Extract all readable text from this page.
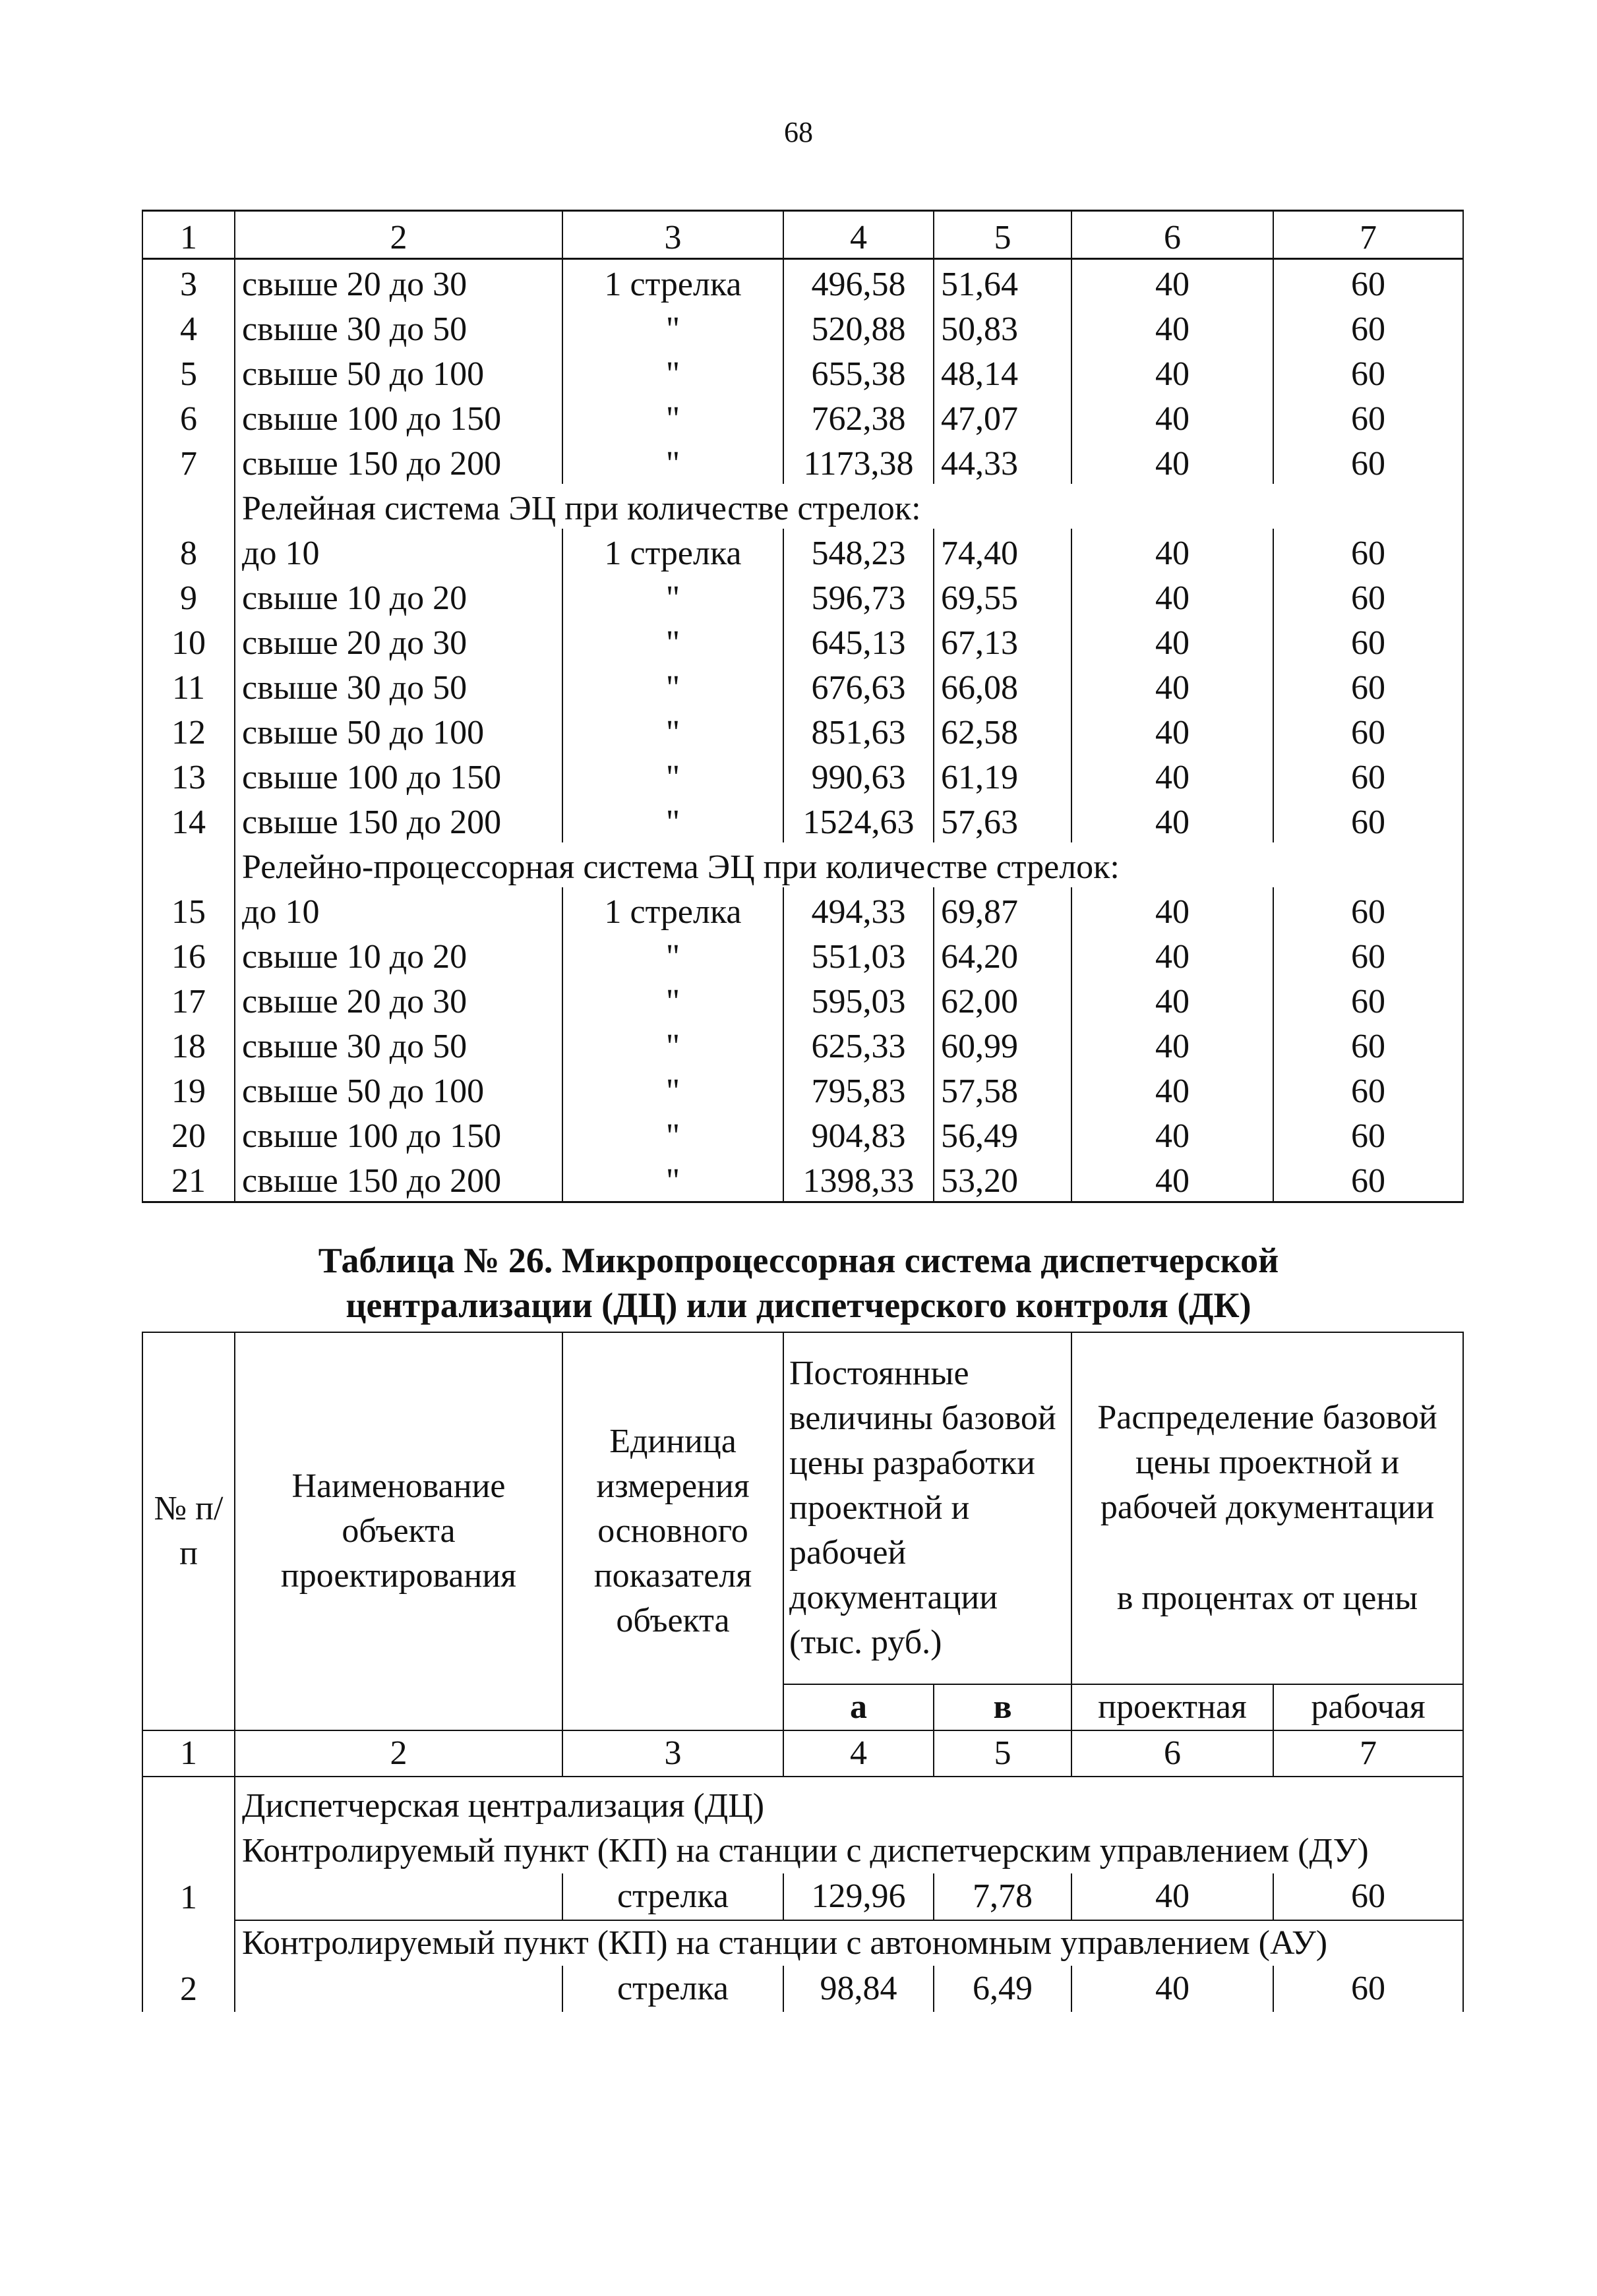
68
1	2	3	4	5	6	7
3	свыше 20 до 30	1 стрелка	496,58	51,64	40	60
4	свыше 30 до 50	"	520,88	50,83	40	60
5	свыше 50 до 100	"	655,38	48,14	40	60
6	свыше 100 до 150	"	762,38	47,07	40	60
7	свыше 150 до 200	"	1173,38	44,33	40	60
	Релейная система ЭЦ при количестве стрелок:					
8	до 10	1 стрелка	548,23	74,40	40	60
9	свыше 10 до 20	"	596,73	69,55	40	60
10	свыше 20 до 30	"	645,13	67,13	40	60
11	свыше 30 до 50	"	676,63	66,08	40	60
12	свыше 50 до 100	"	851,63	62,58	40	60
13	свыше 100 до 150	"	990,63	61,19	40	60
14	свыше 150 до 200	"	1524,63	57,63	40	60
	Релейно-процессорная система ЭЦ при количестве стрелок:					
15	до 10	1 стрелка	494,33	69,87	40	60
16	свыше 10 до 20	"	551,03	64,20	40	60
17	свыше 20 до 30	"	595,03	62,00	40	60
18	свыше 30 до 50	"	625,33	60,99	40	60
19	свыше 50 до 100	"	795,83	57,58	40	60
20	свыше 100 до 150	"	904,83	56,49	40	60
21	свыше 150 до 200	"	1398,33	53,20	40	60
Таблица № 26. Микропроцессорная система диспетчерской
централизации (ДЦ) или диспетчерского контроля (ДК)
№ п/п	Наименование объекта проектирования	Единица измерения основного показателя объекта	Постоянные величины базовой цены разработки проектной и рабочей документации (тыс. руб.)		Распределение базовой цены проектной и рабочей документации
в процентах от цены	

			а	в	проектная	рабочая
1	2	3	4	5	6	7
1	Диспетчерская централизация (ДЦ)
Контролируемый пункт (КП) на станции с диспетчерским управлением (ДУ)					

		стрелка	129,96	7,78	40	60
2	Контролируемый пункт (КП) на станции с автономным управлением (АУ)					
		стрелка	98,84	6,49	40	60
